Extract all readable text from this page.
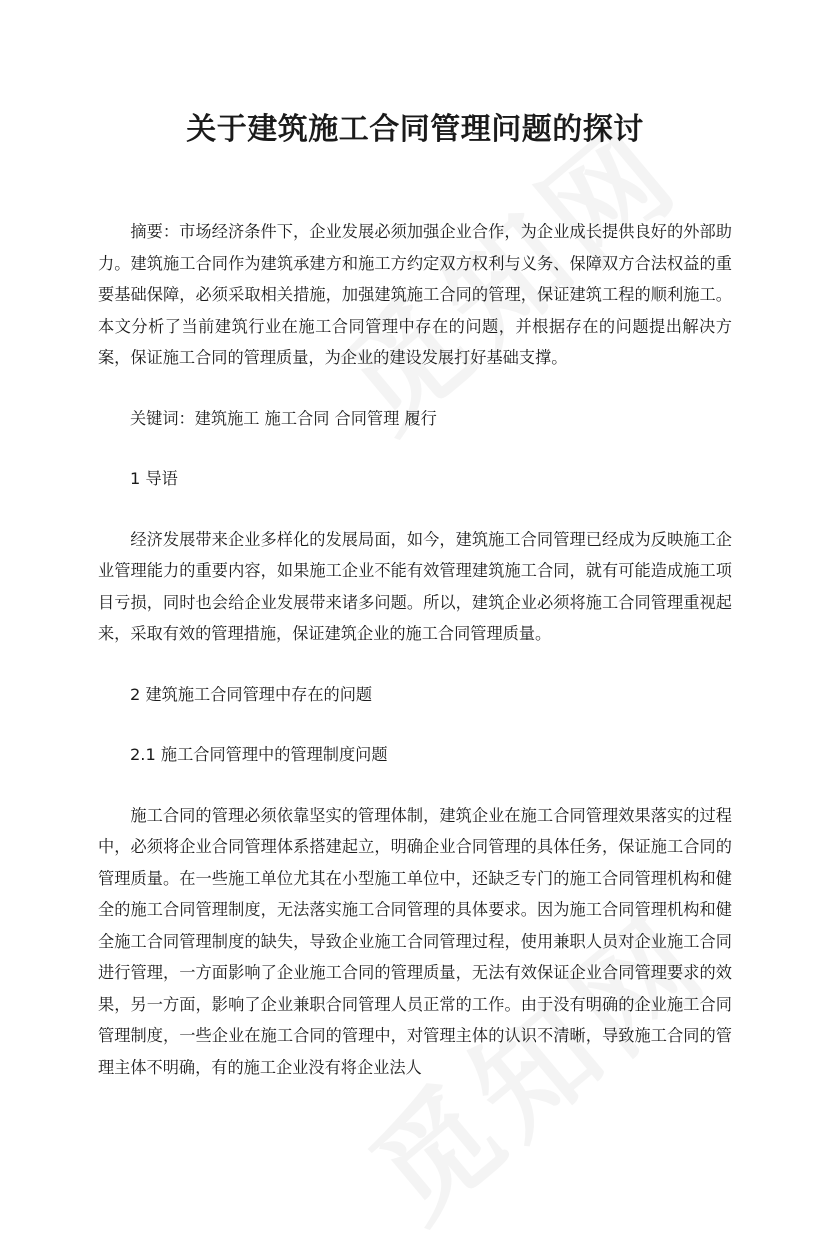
关于建筑施工合同管理问题的探讨

摘要：市场经济条件下，企业发展必须加强企业合作，为企业成长提供良好的外部助力。建筑施工合同作为建筑承建方和施工方约定双方权利与义务、保障双方合法权益的重要基础保障，必须采取相关措施，加强建筑施工合同的管理，保证建筑工程的顺利施工。本文分析了当前建筑行业在施工合同管理中存在的问题，并根据存在的问题提出解决方案，保证施工合同的管理质量，为企业的建设发展打好基础支撑。

关键词：建筑施工 施工合同 合同管理 履行

1 导语

经济发展带来企业多样化的发展局面，如今，建筑施工合同管理已经成为反映施工企业管理能力的重要内容，如果施工企业不能有效管理建筑施工合同，就有可能造成施工项目亏损，同时也会给企业发展带来诸多问题。所以，建筑企业必须将施工合同管理重视起来，采取有效的管理措施，保证建筑企业的施工合同管理质量。

2 建筑施工合同管理中存在的问题

2.1 施工合同管理中的管理制度问题

施工合同的管理必须依靠坚实的管理体制，建筑企业在施工合同管理效果落实的过程中，必须将企业合同管理体系搭建起立，明确企业合同管理的具体任务，保证施工合同的管理质量。在一些施工单位尤其在小型施工单位中，还缺乏专门的施工合同管理机构和健全的施工合同管理制度，无法落实施工合同管理的具体要求。因为施工合同管理机构和健全施工合同管理制度的缺失，导致企业施工合同管理过程，使用兼职人员对企业施工合同进行管理，一方面影响了企业施工合同的管理质量，无法有效保证企业合同管理要求的效果，另一方面，影响了企业兼职合同管理人员正常的工作。由于没有明确的企业施工合同管理制度，一些企业在施工合同的管理中，对管理主体的认识不清晰，导致施工合同的管理主体不明确，有的施工企业没有将企业法人
